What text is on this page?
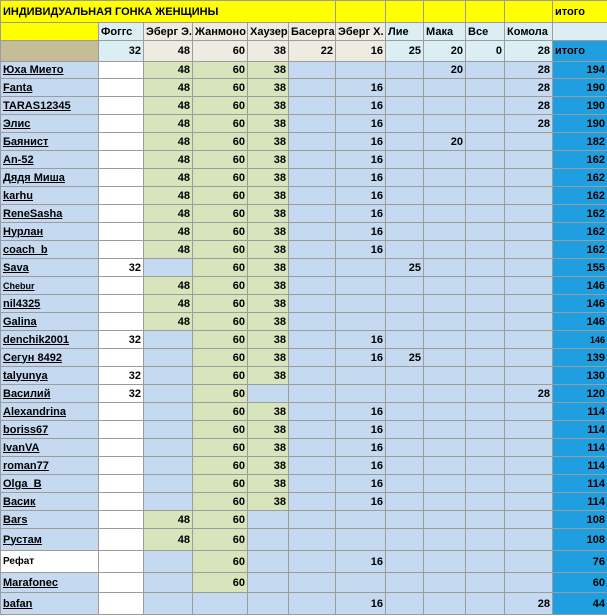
ИНДИВИДУАЛЬНАЯ ГОНКА ЖЕНЩИНЫ											итого
	Фоггс	Эберг Э.	Жанмоно	Хаузер	Басерга	Эберг Х.	Лие	Мака	Все	Комола	
	32	48	60	38	22	16	25	20	0	28	итого
Юха Мието		48	60	38				20		28	194
Fanta		48	60	38		16				28	190
TARAS12345		48	60	38		16				28	190
Элис		48	60	38		16				28	190
Баянист		48	60	38		16		20			182
An-52		48	60	38		16					162
Дядя Миша		48	60	38		16					162
karhu		48	60	38		16					162
ReneSasha		48	60	38		16					162
Нурлан		48	60	38		16					162
coach_b		48	60	38		16					162
Sava	32		60	38			25				155
Chebur		48	60	38							146
nil4325		48	60	38							146
Galina		48	60	38							146
denchik2001	32		60	38		16					146
Сегун 8492			60	38		16	25				139
talyunya	32		60	38							130
Василий	32		60							28	120
Alexandrina			60	38		16					114
boriss67			60	38		16					114
IvanVA			60	38		16					114
roman77			60	38		16					114
Olga_B			60	38		16					114
Васик			60	38		16					114
Bars		48	60								108
Рустам		48	60								108
Рефат			60			16					76
Marafonec			60								60
bafan						16				28	44
